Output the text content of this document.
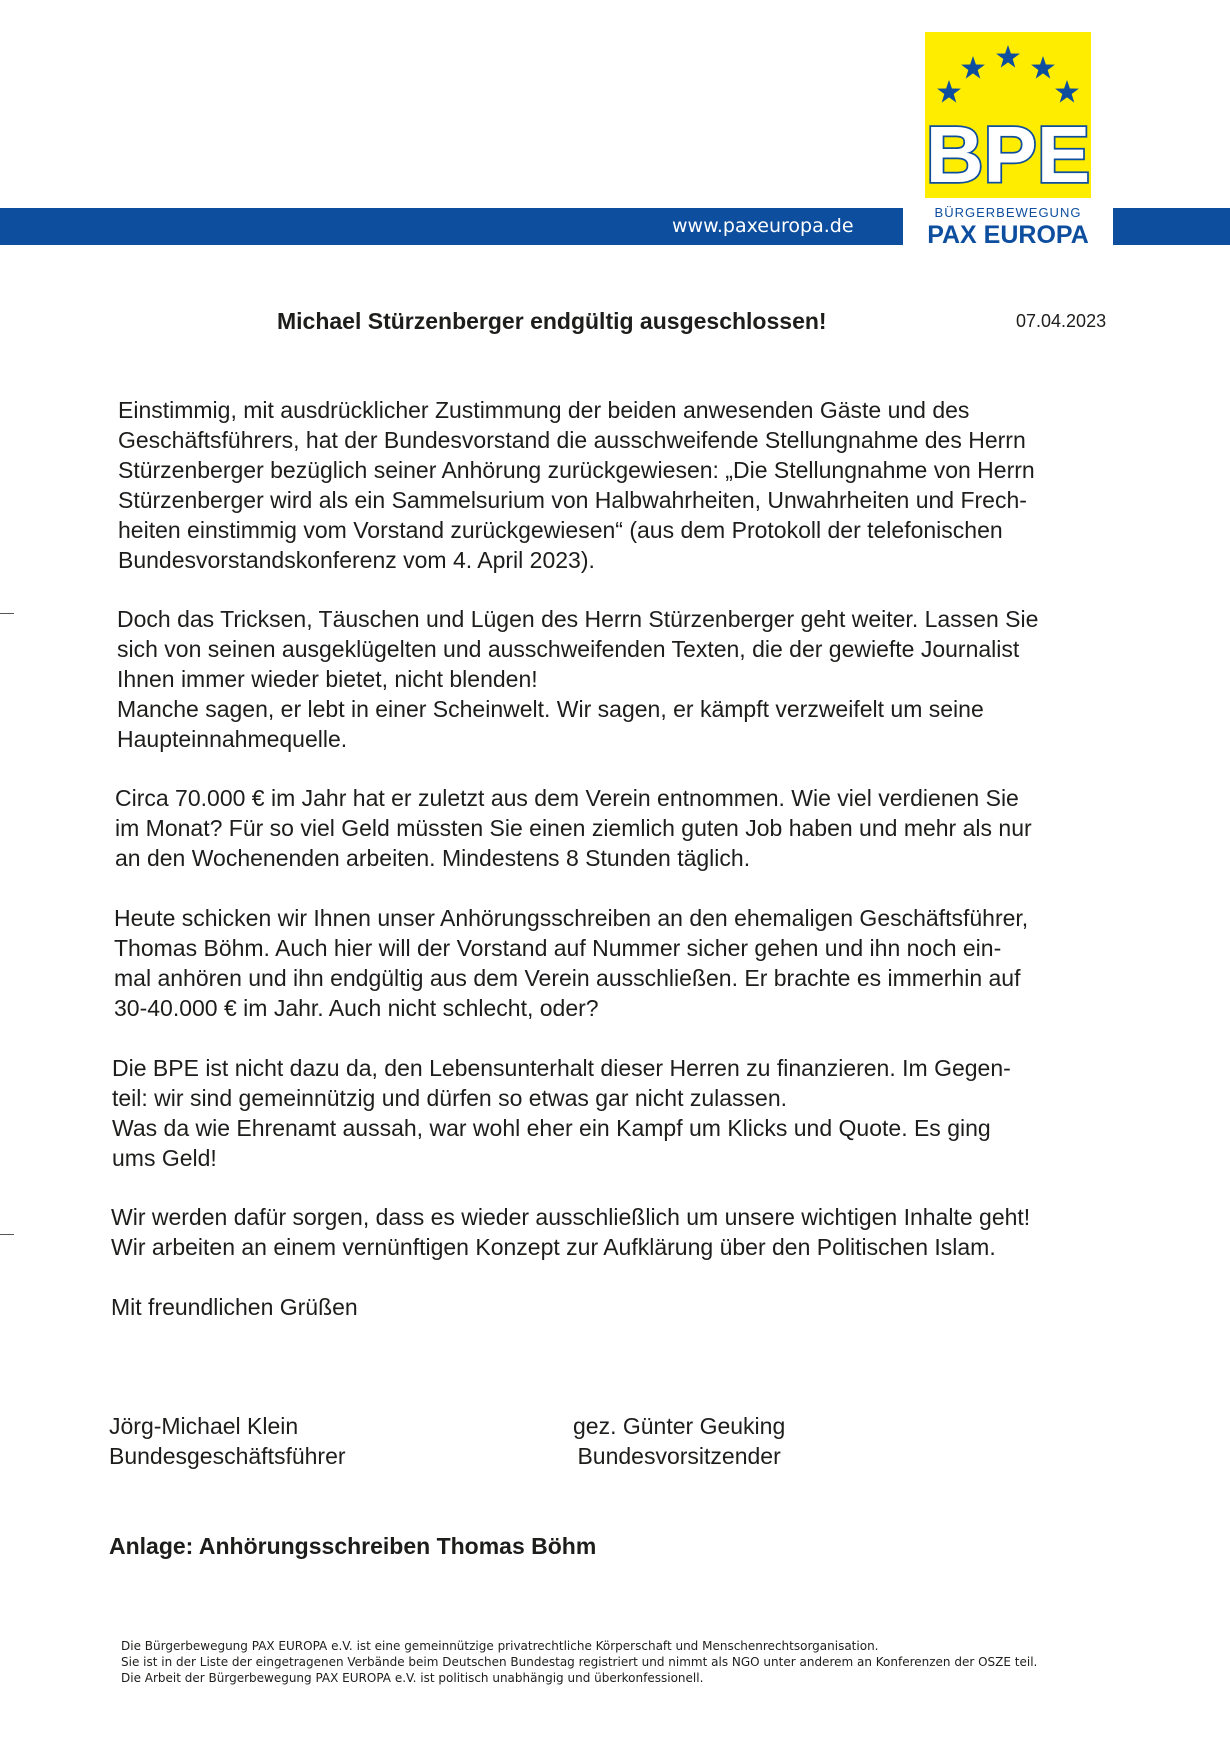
www.paxeuropa.de
BPE
BÜRGERBEWEGUNG
PAX EUROPA
Michael Stürzenberger endgültig ausgeschlossen!	07.04.2023
Einstimmig, mit ausdrücklicher Zustimmung der beiden anwesenden Gäste und des
Geschäftsführers, hat der Bundesvorstand die ausschweifende Stellungnahme des Herrn
Stürzenberger bezüglich seiner Anhörung zurückgewiesen: „Die Stellungnahme von Herrn
Stürzenberger wird als ein Sammelsurium von Halbwahrheiten, Unwahrheiten und Frech-
heiten einstimmig vom Vorstand zurückgewiesen“ (aus dem Protokoll der telefonischen
Bundesvorstandskonferenz vom 4. April 2023).
Doch das Tricksen, Täuschen und Lügen des Herrn Stürzenberger geht weiter. Lassen Sie
sich von seinen ausgeklügelten und ausschweifenden Texten, die der gewiefte Journalist
Ihnen immer wieder bietet, nicht blenden!
Manche sagen, er lebt in einer Scheinwelt. Wir sagen, er kämpft verzweifelt um seine
Haupteinnahmequelle.
Circa 70.000 € im Jahr hat er zuletzt aus dem Verein entnommen. Wie viel verdienen Sie
im Monat? Für so viel Geld müssten Sie einen ziemlich guten Job haben und mehr als nur
an den Wochenenden arbeiten. Mindestens 8 Stunden täglich.
Heute schicken wir Ihnen unser Anhörungsschreiben an den ehemaligen Geschäftsführer,
Thomas Böhm. Auch hier will der Vorstand auf Nummer sicher gehen und ihn noch ein-
mal anhören und ihn endgültig aus dem Verein ausschließen. Er brachte es immerhin auf
30-40.000 € im Jahr. Auch nicht schlecht, oder?
Die BPE ist nicht dazu da, den Lebensunterhalt dieser Herren zu finanzieren. Im Gegen-
teil: wir sind gemeinnützig und dürfen so etwas gar nicht zulassen.
Was da wie Ehrenamt aussah, war wohl eher ein Kampf um Klicks und Quote. Es ging
ums Geld!
Wir werden dafür sorgen, dass es wieder ausschließlich um unsere wichtigen Inhalte geht!
Wir arbeiten an einem vernünftigen Konzept zur Aufklärung über den Politischen Islam.
Mit freundlichen Grüßen
Jörg-Michael Klein
Bundesgeschäftsführer
gez. Günter Geuking
Bundesvorsitzender
Anlage: Anhörungsschreiben Thomas Böhm
Die Bürgerbewegung PAX EUROPA e.V. ist eine gemeinnützige privatrechtliche Körperschaft und Menschenrechtsorganisation.
Sie ist in der Liste der eingetragenen Verbände beim Deutschen Bundestag registriert und nimmt als NGO unter anderem an Konferenzen der OSZE teil.
Die Arbeit der Bürgerbewegung PAX EUROPA e.V. ist politisch unabhängig und überkonfessionell.
